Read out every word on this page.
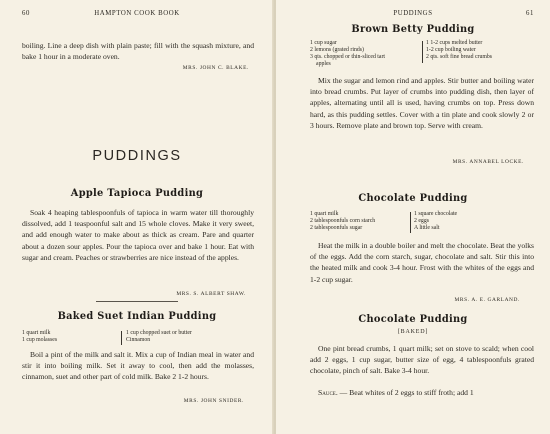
60	HAMPTON COOK BOOK
boiling. Line a deep dish with plain paste; fill with the squash mixture, and bake 1 hour in a moderate oven.
MRS. JOHN C. BLAKE.
PUDDINGS
Apple Tapioca Pudding
Soak 4 heaping tablespoonfuls of tapioca in warm water till thoroughly dissolved, add 1 teaspoonful salt and 15 whole cloves. Make it very sweet, and add enough water to make about as thick as cream. Pare and quarter about a dozen sour apples. Pour the tapioca over and bake 1 hour. Eat with sugar and cream. Peaches or strawberries are nice instead of the apples.
MRS. S. ALBERT SHAW.
Baked Suet Indian Pudding
1 quart milk
1 cup molasses
1 cup chopped suet or butter
Cinnamon
Boil a pint of the milk and salt it. Mix a cup of Indian meal in water and stir it into boiling milk. Set it away to cool, then add the molasses, cinnamon, suet and other part of cold milk. Bake 2 1-2 hours.
MRS. JOHN SNIDER.
PUDDINGS	61
Brown Betty Pudding
1 cup sugar
2 lemons (grated rinds)
3 qts. chopped or thin-sliced tart
apples
1 1-2 cups melted butter
1-2 cup boiling water
2 qts. soft fine bread crumbs
Mix the sugar and lemon rind and apples. Stir butter and boiling water into bread crumbs. Put layer of crumbs into pudding dish, then layer of apples, alternating until all is used, having crumbs on top. Press down hard, as this pudding settles. Cover with a tin plate and cook slowly 2 or 3 hours. Remove plate and brown top. Serve with cream.
MRS. ANNABEL LOCKE.
Chocolate Pudding
1 quart milk
2 tablespoonfuls corn starch
2 tablespoonfuls sugar
1 square chocolate
2 eggs
A little salt
Heat the milk in a double boiler and melt the chocolate. Beat the yolks of the eggs. Add the corn starch, sugar, chocolate and salt. Stir this into the heated milk and cook 3-4 hour. Frost with the whites of the eggs and 1-2 cup sugar.
MRS. A. E. GARLAND.
Chocolate Pudding
[BAKED]
One pint bread crumbs, 1 quart milk; set on stove to scald; when cool add 2 eggs, 1 cup sugar, butter size of egg, 4 tablespoonfuls grated chocolate, pinch of salt. Bake 3-4 hour.
Sauce. — Beat whites of 2 eggs to stiff froth; add 1
